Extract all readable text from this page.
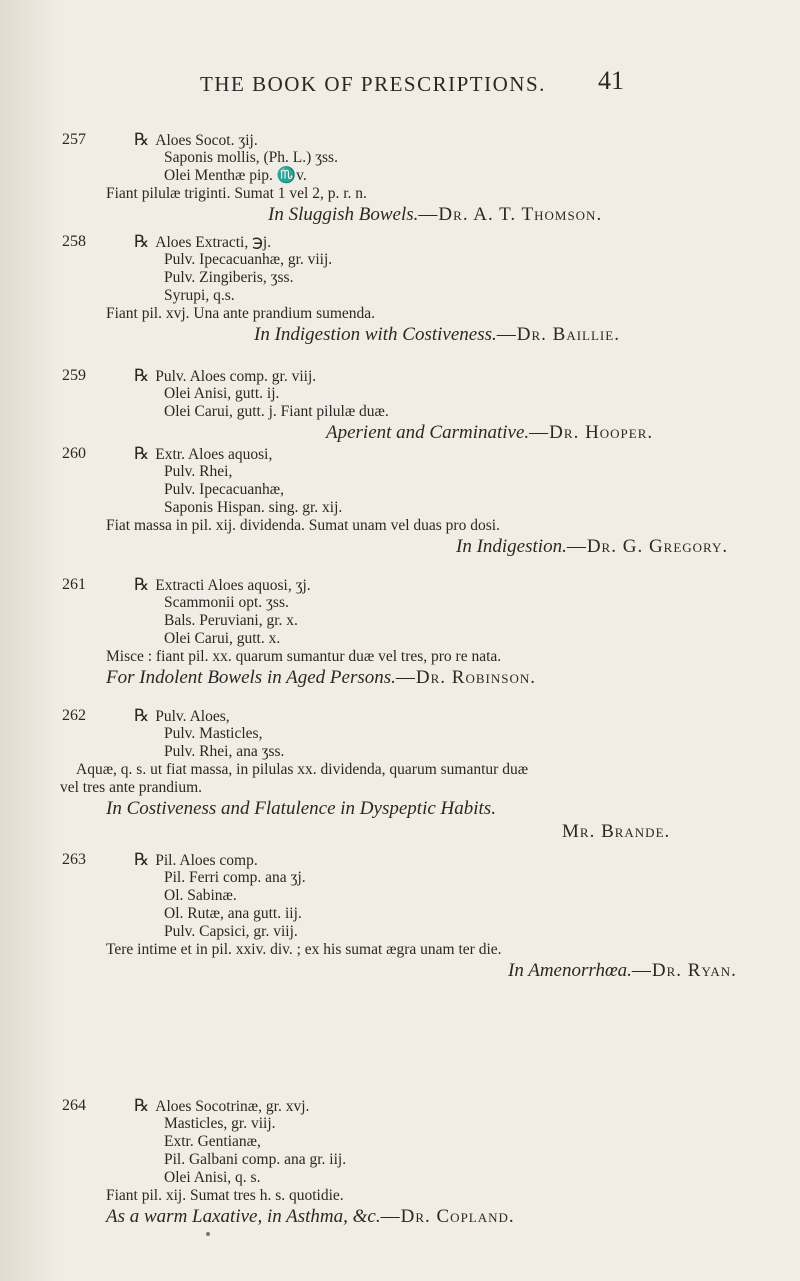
THE BOOK OF PRESCRIPTIONS. 41
257	℞ Aloes Socot. ʒij.
Saponis mollis, (Ph. L.) ʒss.
Olei Menthæ pip. ♏v.
Fiant pilulæ triginti. Sumat 1 vel 2, p. r. n.
In Sluggish Bowels.—Dr. A. T. Thomson.
258	℞ Aloes Extracti, ℈j.
Pulv. Ipecacuanhæ, gr. viij.
Pulv. Zingiberis, ʒss.
Syrupi, q.s.
Fiant pil. xvj. Una ante prandium sumenda.
In Indigestion with Costiveness.—Dr. Baillie.
259	℞ Pulv. Aloes comp. gr. viij.
Olei Anisi, gutt. ij.
Olei Carui, gutt. j. Fiant pilulæ duæ.
Aperient and Carminative.—Dr. Hooper.
260	℞ Extr. Aloes aquosi,
Pulv. Rhei,
Pulv. Ipecacuanhæ,
Saponis Hispan. sing. gr. xij.
Fiat massa in pil. xij. dividenda. Sumat unam vel duas pro dosi.
In Indigestion.—Dr. G. Gregory.
261	℞ Extracti Aloes aquosi, ʒj.
Scammonii opt. ʒss.
Bals. Peruviani, gr. x.
Olei Carui, gutt. x.
Misce : fiant pil. xx. quarum sumantur duæ vel tres, pro re nata.
For Indolent Bowels in Aged Persons.—Dr. Robinson.
262	℞ Pulv. Aloes,
Pulv. Masticles,
Pulv. Rhei, ana ʒss.
Aquæ, q. s. ut fiat massa, in pilulas xx. dividenda, quarum sumantur duæ
vel tres ante prandium.
In Costiveness and Flatulence in Dyspeptic Habits.
Mr. Brande.
263	℞ Pil. Aloes comp.
Pil. Ferri comp. ana ʒj.
Ol. Sabinæ.
Ol. Rutæ, ana gutt. iij.
Pulv. Capsici, gr. viij.
Tere intime et in pil. xxiv. div. ; ex his sumat ægra unam ter die.
In Amenorrhœa.—Dr. Ryan.
264	℞ Aloes Socotrinæ, gr. xvj.
Masticles, gr. viij.
Extr. Gentianæ,
Pil. Galbani comp. ana gr. iij.
Olei Anisi, q. s.
Fiant pil. xij. Sumat tres h. s. quotidie.
As a warm Laxative, in Asthma, &c.—Dr. Copland.
